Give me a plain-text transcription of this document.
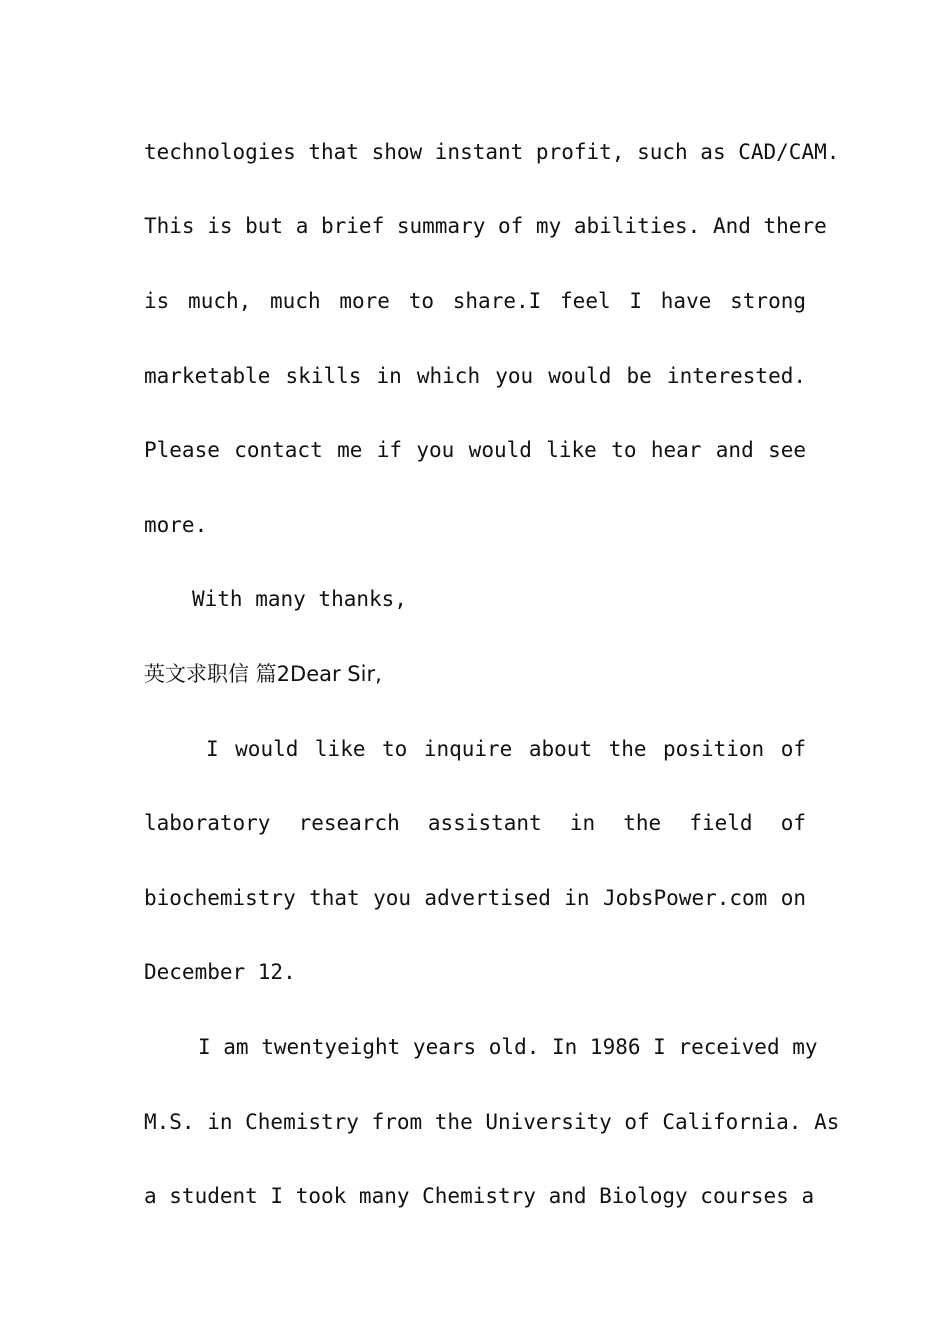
technologies that show instant profit, such as CAD/CAM.
This is but a brief summary of my abilities. And there
is much, much more to share.I feel I have strong
marketable skills in which you would be interested.
Please contact me if you would like to hear and see
more.
With many thanks,
英文求职信 篇2Dear Sir,
I would like to inquire about the position of
laboratory research assistant in the field of
biochemistry that you advertised in JobsPower.com on
December 12.
I am twentyeight years old. In 1986 I received my
M.S. in Chemistry from the University of California. As
a student I took many Chemistry and Biology courses a
